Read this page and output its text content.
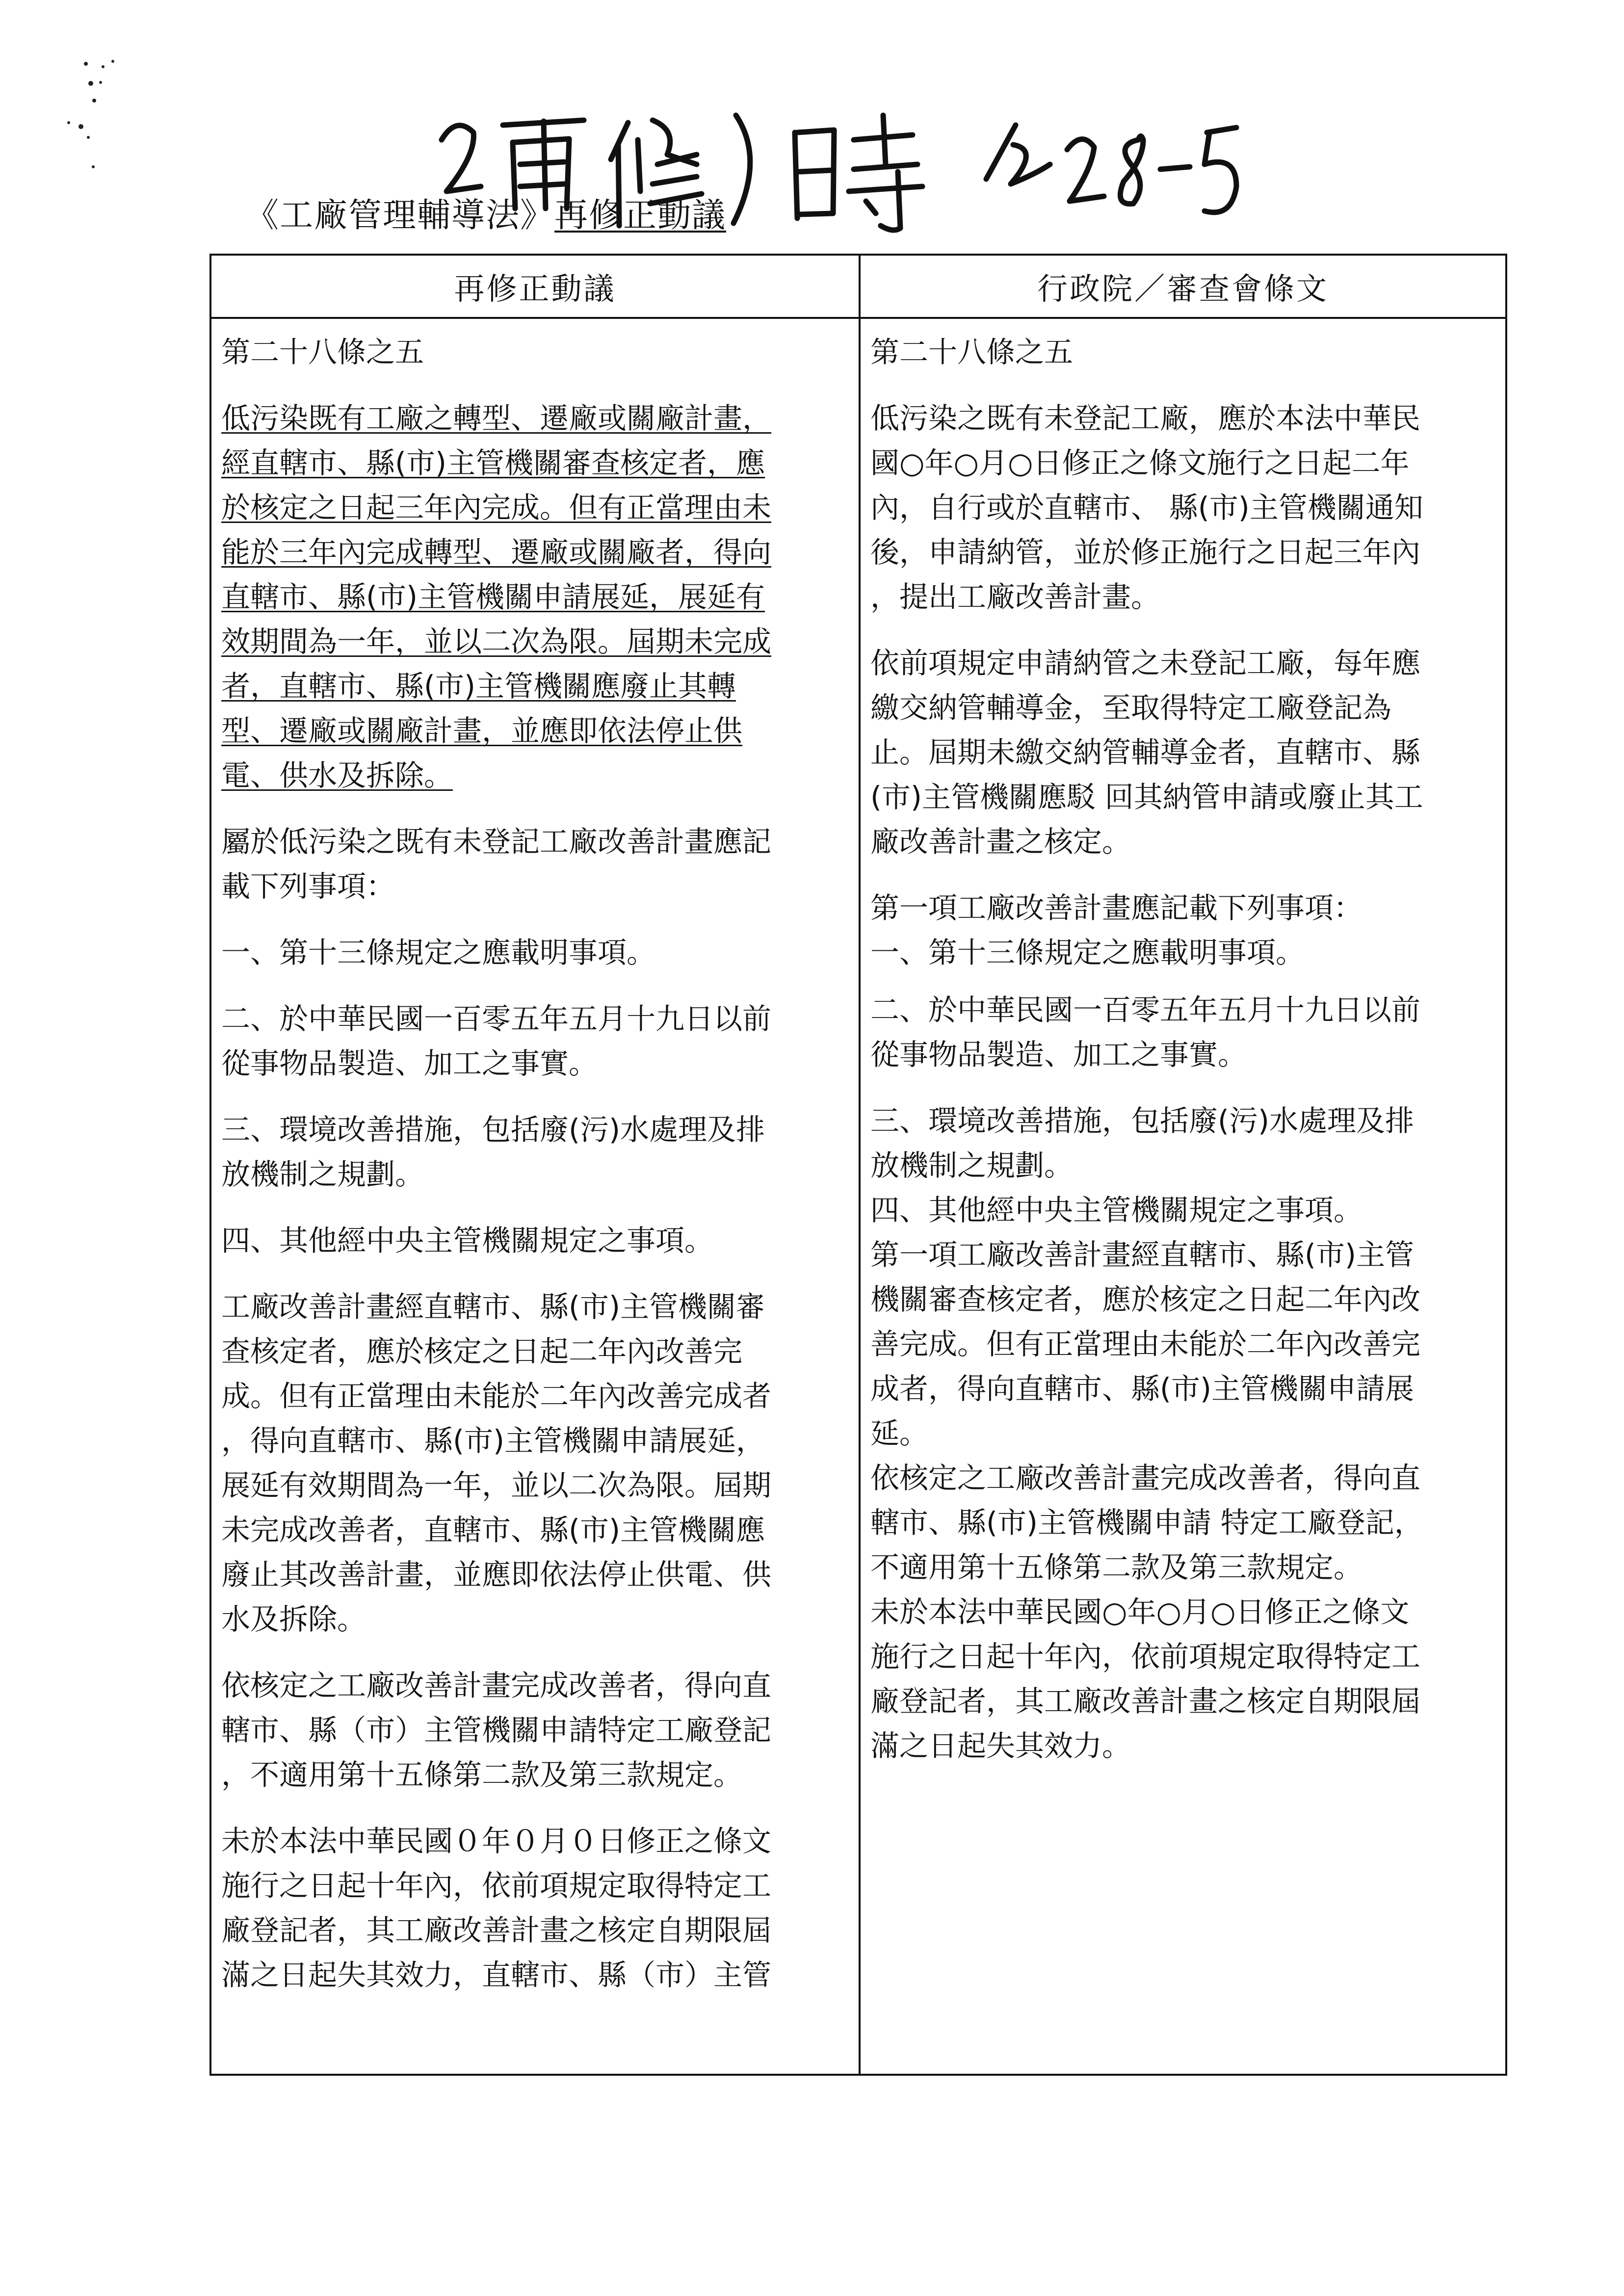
《工廠管理輔導法》再修正動議
再修正動議	行政院／審查會條文

第二十八條之五

低污染既有工廠之轉型、遷廠或關廠計畫，
經直轄市、縣(市)主管機關審查核定者，應
於核定之日起三年內完成。但有正當理由未
能於三年內完成轉型、遷廠或關廠者，得向
直轄市、縣(市)主管機關申請展延，展延有
效期間為一年，並以二次為限。屆期未完成
者，直轄市、縣(市)主管機關應廢止其轉
型、遷廠或關廠計畫，並應即依法停止供
電、供水及拆除。

屬於低污染之既有未登記工廠改善計畫應記
載下列事項：

一、第十三條規定之應載明事項。

二、於中華民國一百零五年五月十九日以前
從事物品製造、加工之事實。

三、環境改善措施，包括廢(污)水處理及排
放機制之規劃。

四、其他經中央主管機關規定之事項。

工廠改善計畫經直轄市、縣(市)主管機關審
查核定者，應於核定之日起二年內改善完
成。但有正當理由未能於二年內改善完成者
，得向直轄市、縣(市)主管機關申請展延，
展延有效期間為一年，並以二次為限。屆期
未完成改善者，直轄市、縣(市)主管機關應
廢止其改善計畫，並應即依法停止供電、供
水及拆除。

依核定之工廠改善計畫完成改善者，得向直
轄市、縣（市）主管機關申請特定工廠登記
，不適用第十五條第二款及第三款規定。

未於本法中華民國０年０月０日修正之條文
施行之日起十年內，依前項規定取得特定工
廠登記者，其工廠改善計畫之核定自期限屆
滿之日起失其效力，直轄市、縣（市）主管

第二十八條之五

低污染之既有未登記工廠，應於本法中華民
國○年○月○日修正之條文施行之日起二年
內，自行或於直轄市、 縣(市)主管機關通知
後，申請納管，並於修正施行之日起三年內
，提出工廠改善計畫。

依前項規定申請納管之未登記工廠，每年應
繳交納管輔導金，至取得特定工廠登記為
止。屆期未繳交納管輔導金者，直轄市、縣
(市)主管機關應駁 回其納管申請或廢止其工
廠改善計畫之核定。

第一項工廠改善計畫應記載下列事項：
一、第十三條規定之應載明事項。

二、於中華民國一百零五年五月十九日以前
從事物品製造、加工之事實。

三、環境改善措施，包括廢(污)水處理及排
放機制之規劃。
四、其他經中央主管機關規定之事項。
第一項工廠改善計畫經直轄市、縣(市)主管
機關審查核定者，應於核定之日起二年內改
善完成。但有正當理由未能於二年內改善完
成者，得向直轄市、縣(市)主管機關申請展
延。
依核定之工廠改善計畫完成改善者，得向直
轄市、縣(市)主管機關申請 特定工廠登記，
不適用第十五條第二款及第三款規定。
未於本法中華民國○年○月○日修正之條文
施行之日起十年內，依前項規定取得特定工
廠登記者，其工廠改善計畫之核定自期限屆
滿之日起失其效力。
